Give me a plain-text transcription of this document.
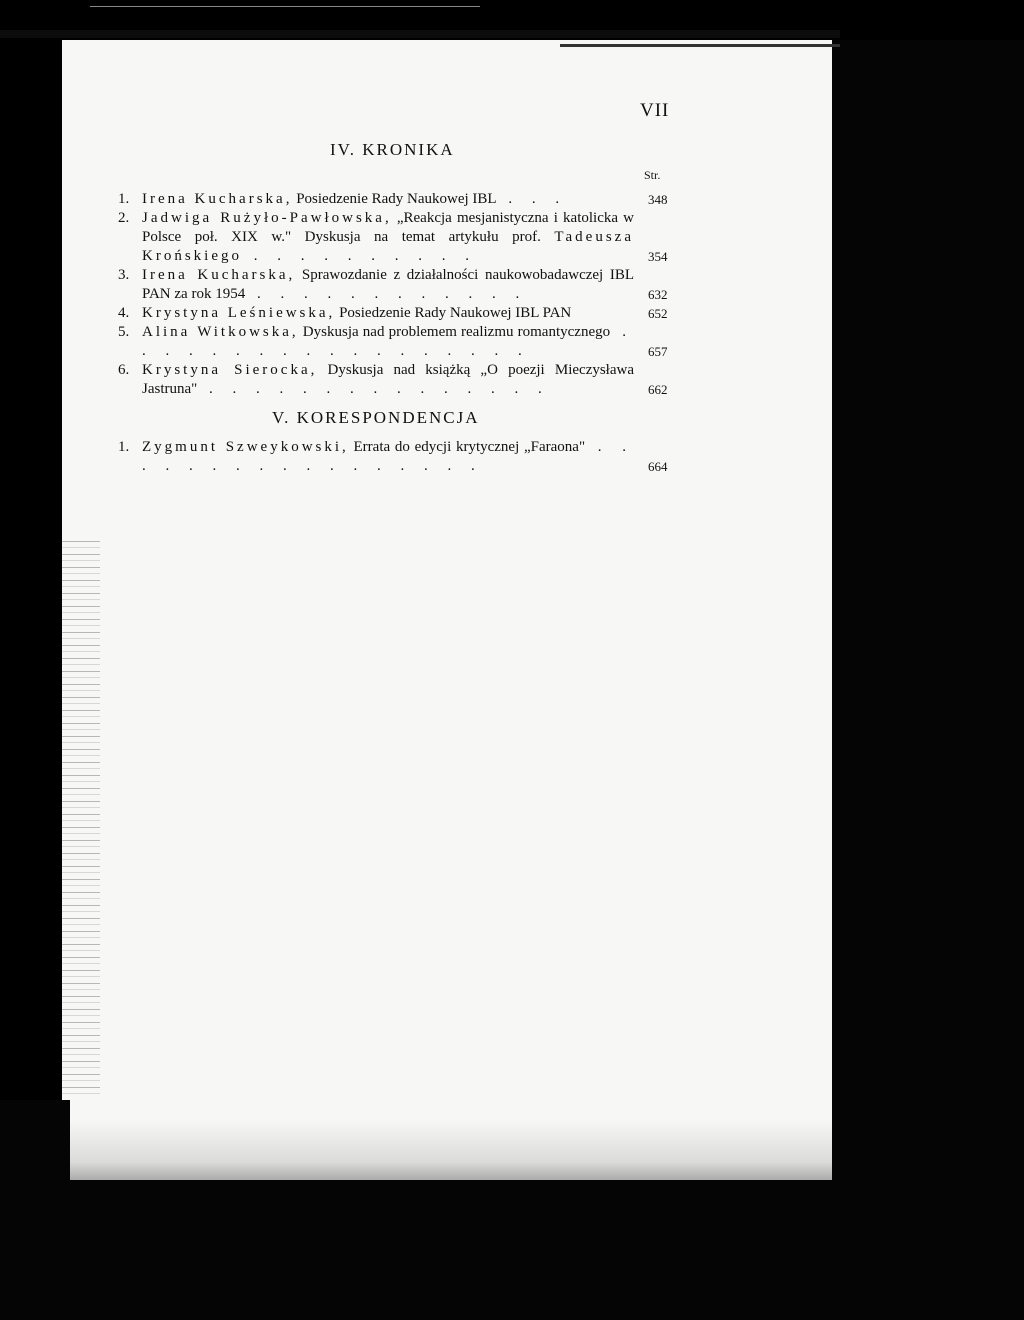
VII
IV. KRONIKA
Str.
1. Irena Kucharska, Posiedzenie Rady Naukowej IBL . . .	348
2. Jadwiga Rużyło-Pawłowska, „Reakcja mesjanistyczna i katolicka w Polsce poł. XIX w." Dyskusja na temat artykułu prof. Tadeusza Krońskiego . . . . . . . . . .	354
3. Irena Kucharska, Sprawozdanie z działalności naukowobadawczej IBL PAN za rok 1954 . . . . . . . . . . . .	632
4. Krystyna Leśniewska, Posiedzenie Rady Naukowej IBL PAN	652
5. Alina Witkowska, Dyskusja nad problemem realizmu romantycznego . . . . . . . . . . . . . . . . . .	657
6. Krystyna Sierocka, Dyskusja nad książką „O poezji Mieczysława Jastruna" . . . . . . . . . . . . . . .	662
V. KORESPONDENCJA
1. Zygmunt Szweykowski, Errata do edycji krytycznej „Faraona" . . . . . . . . . . . . . . . . .	664
